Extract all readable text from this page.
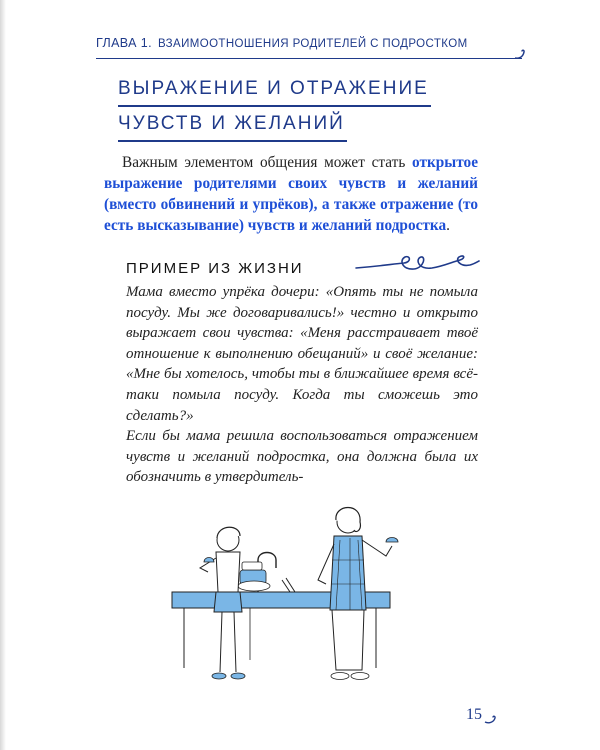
ГЛАВА 1. ВЗАИМООТНОШЕНИЯ РОДИТЕЛЕЙ С ПОДРОСТКОМ
ВЫРАЖЕНИЕ И ОТРАЖЕНИЕ
ЧУВСТВ И ЖЕЛАНИЙ
Важным элементом общения может стать открытое выражение родителями своих чувств и желаний (вместо обвинений и упрёков), а также отражение (то есть высказывание) чувств и желаний подростка.
ПРИМЕР ИЗ ЖИЗНИ
Мама вместо упрёка дочери: «Опять ты не помыла посуду. Мы же договаривались!» честно и открыто выражает свои чувства: «Меня расстраивает твоё отношение к выполнению обещаний» и своё желание: «Мне бы хотелось, чтобы ты в ближайшее время всё-таки помыла посуду. Когда ты сможешь это сделать?»
Если бы мама решила воспользоваться отражением чувств и желаний подростка, она должна была их обозначить в утвердитель-
15
